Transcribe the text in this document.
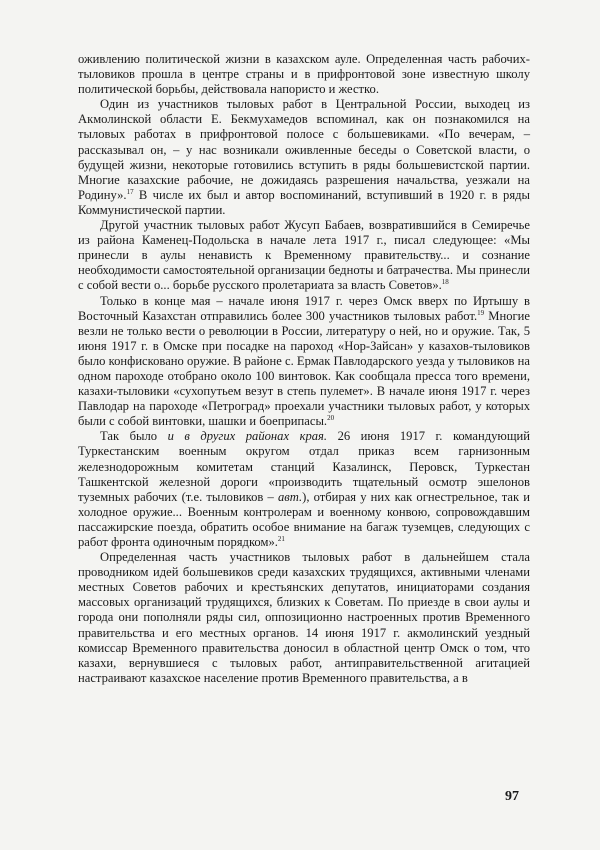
оживлению политической жизни в казахском ауле. Определенная часть рабочих-тыловиков прошла в центре страны и в прифронтовой зоне известную школу политической борьбы, действовала напористо и жестко.

Один из участников тыловых работ в Центральной России, выходец из Акмолинской области Е. Бекмухамедов вспоминал, как он познакомился на тыловых работах в прифронтовой полосе с большевиками. «По вечерам, – рассказывал он, – у нас возникали оживленные беседы о Советской власти, о будущей жизни, некоторые готовились вступить в ряды большевистской партии. Многие казахские рабочие, не дожидаясь разрешения начальства, уезжали на Родину».$^{17}$ В числе их был и автор воспоминаний, вступивший в 1920 г. в ряды Коммунистической партии.

Другой участник тыловых работ Жусуп Бабаев, возвратившийся в Семиречье из района Каменец-Подольска в начале лета 1917 г., писал следующее: «Мы принесли в аулы ненависть к Временному правительству... и сознание необходимости самостоятельной организации бедноты и батрачества. Мы принесли с собой вести о... борьбе русского пролетариата за власть Советов».$^{18}$

Только в конце мая – начале июня 1917 г. через Омск вверх по Иртышу в Восточный Казахстан отправились более 300 участников тыловых работ.$^{19}$ Многие везли не только вести о революции в России, литературу о ней, но и оружие. Так, 5 июня 1917 г. в Омске при посадке на пароход «Нор-Зайсан» у казахов-тыловиков было конфисковано оружие. В районе с. Ермак Павлодарского уезда у тыловиков на одном пароходе отобрано около 100 винтовок. Как сообщала пресса того времени, казахи-тыловики «сухопутьем везут в степь пулемет». В начале июня 1917 г. через Павлодар на пароходе «Петроград» проехали участники тыловых работ, у которых были с собой винтовки, шашки и боеприпасы.$^{20}$

Так было и в других районах края. 26 июня 1917 г. командующий Туркестанским военным округом отдал приказ всем гарнизонным железнодорожным комитетам станций Казалинск, Перовск, Туркестан Ташкентской железной дороги «производить тщательный осмотр эшелонов туземных рабочих (т.е. тыловиков – авт.), отбирая у них как огнестрельное, так и холодное оружие... Военным контролерам и военному конвою, сопровождавшим пассажирские поезда, обратить особое внимание на багаж туземцев, следующих с работ фронта одиночным порядком».$^{21}$

Определенная часть участников тыловых работ в дальнейшем стала проводником идей большевиков среди казахских трудящихся, активными членами местных Советов рабочих и крестьянских депутатов, инициаторами создания массовых организаций трудящихся, близких к Советам. По приезде в свои аулы и города они пополняли ряды сил, оппозиционно настроенных против Временного правительства и его местных органов. 14 июня 1917 г. акмолинский уездный комиссар Временного правительства доносил в областной центр Омск о том, что казахи, вернувшиеся с тыловых работ, антиправительственной агитацией настраивают казахское население против Временного правительства, а в

97
